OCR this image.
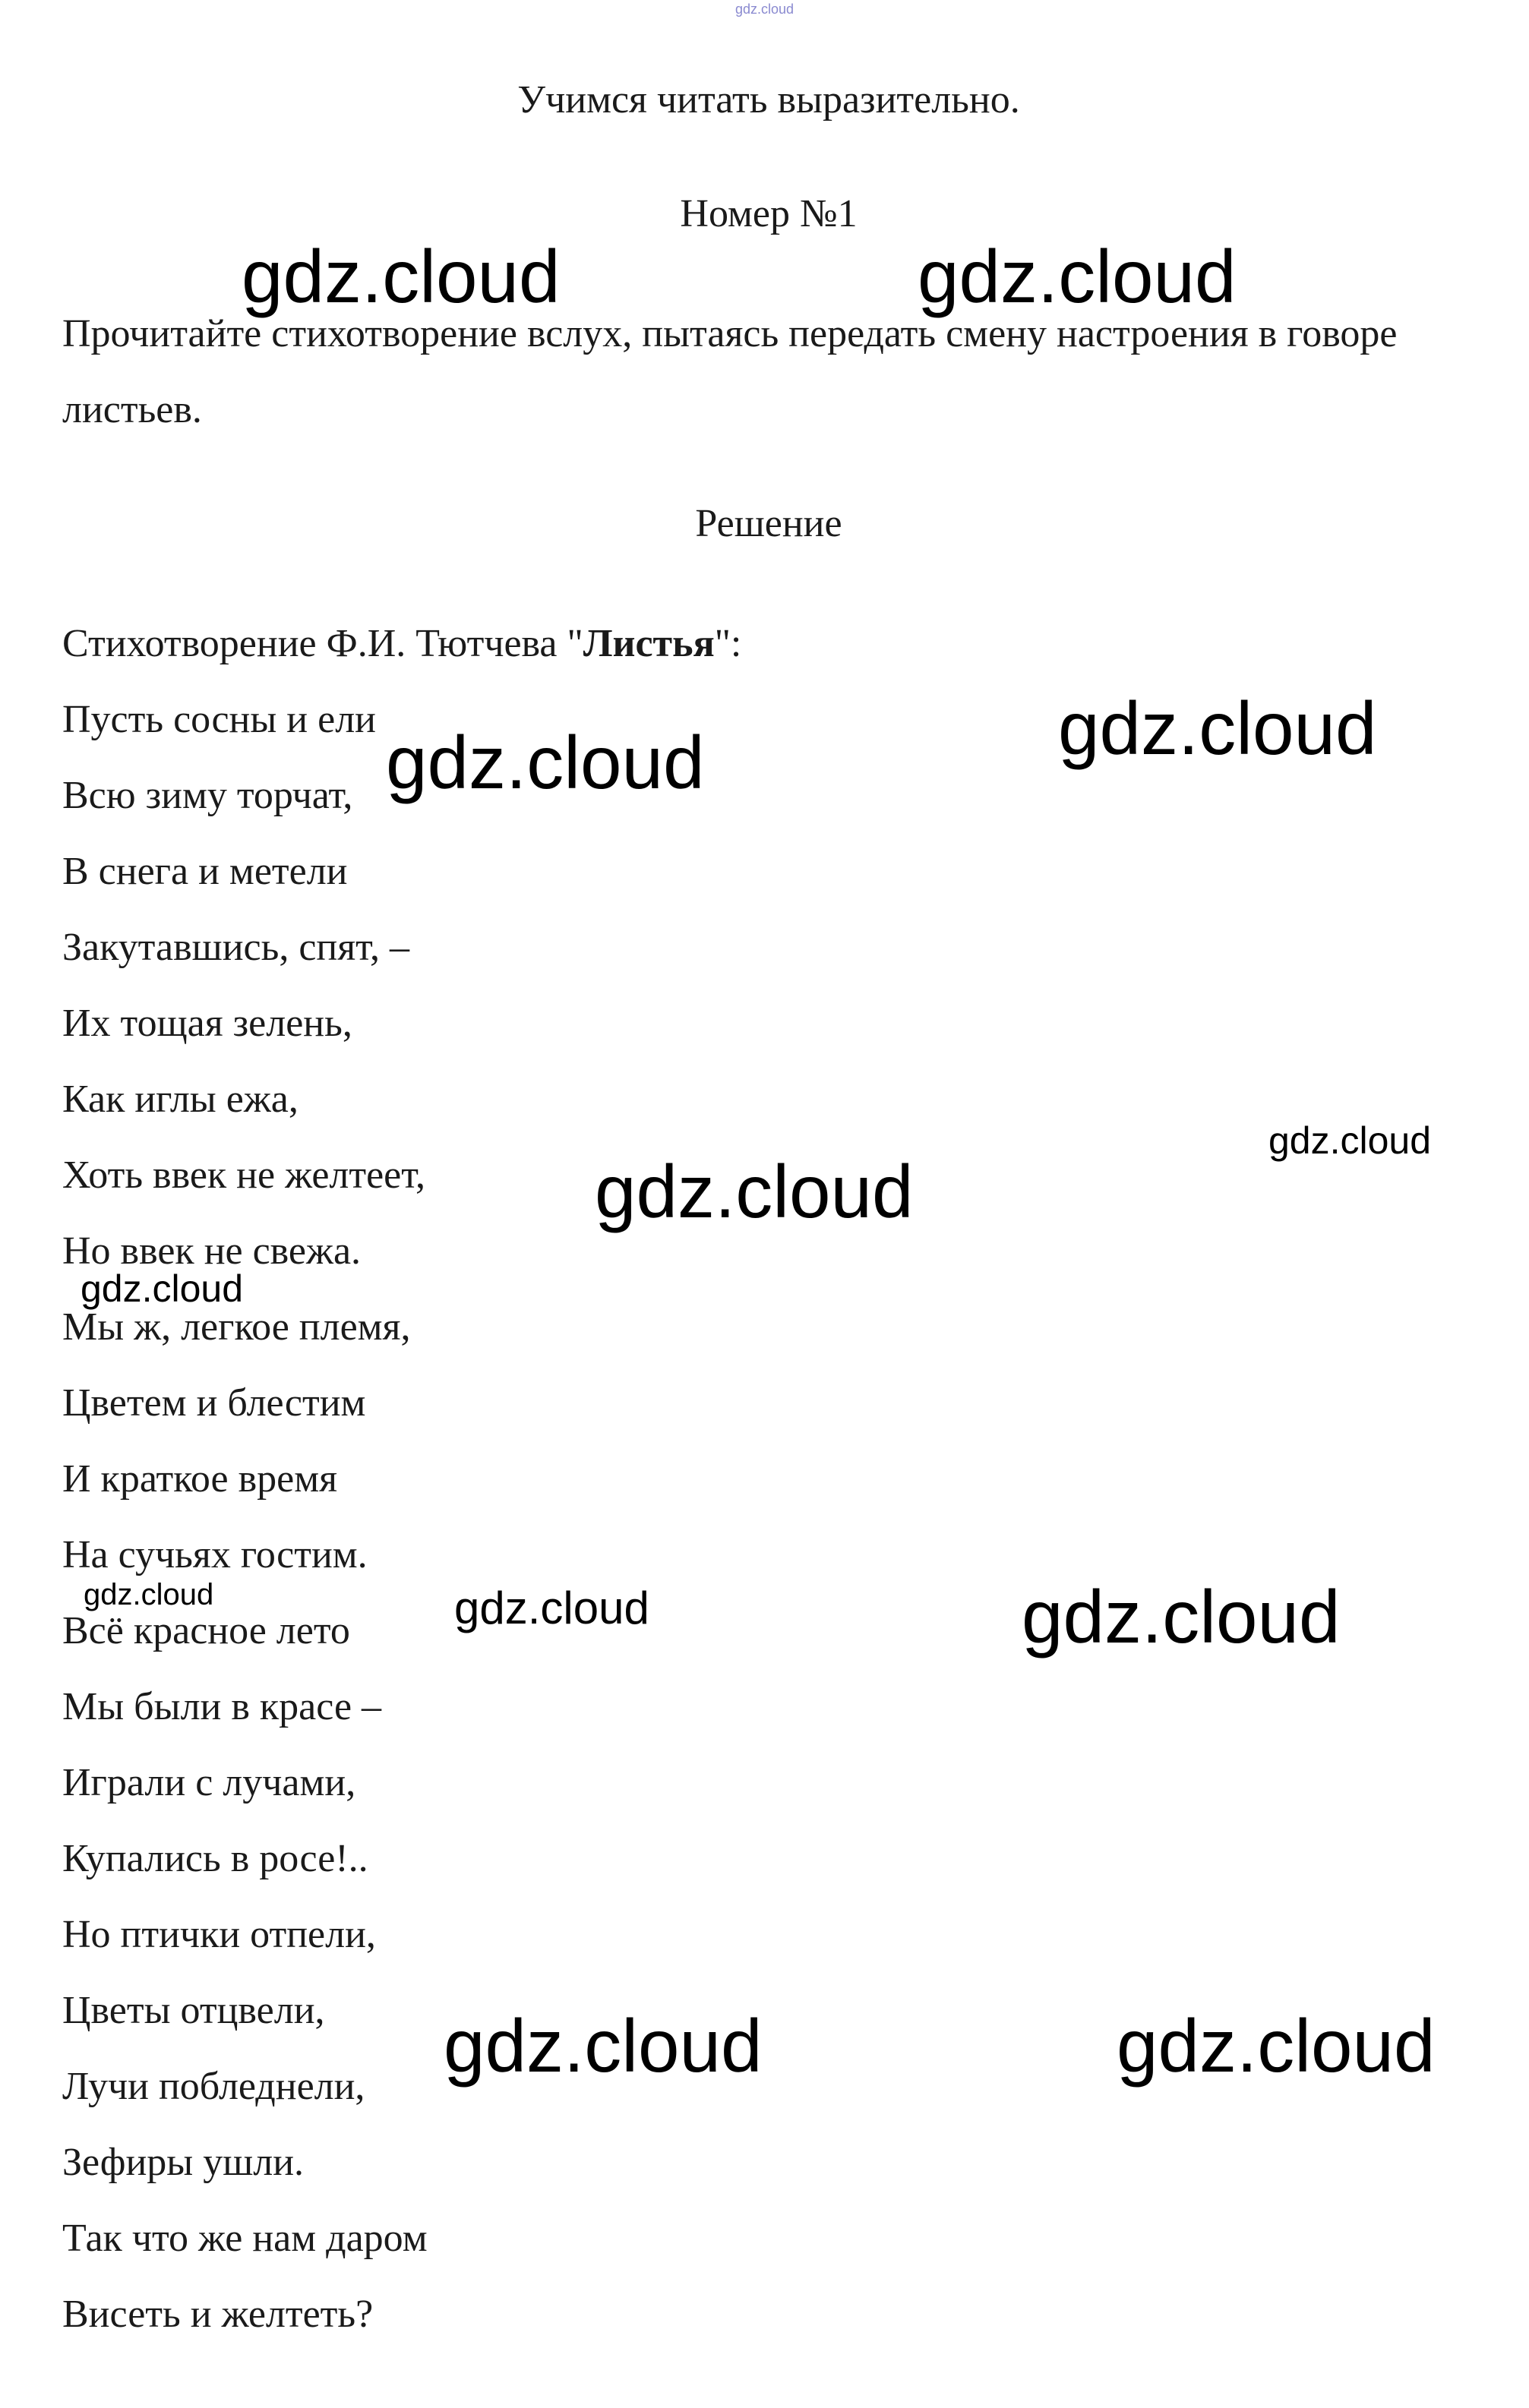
gdz.cloud
Учимся читать выразительно.
Номер №1

Прочитайте стихотворение вслух, пытаясь передать смену настроения в говоре листьев.

Решение
Стихотворение Ф.И. Тютчева "Листья":
Пусть сосны и ели
Всю зиму торчат,
В снега и метели
Закутавшись, спят, –
Их тощая зелень,
Как иглы ежа,
Хоть ввек не желтеет,
Но ввек не свежа.
Мы ж, легкое племя,
Цветем и блестим
И краткое время
На сучьях гостим.
Всё красное лето
Мы были в красе –
Играли с лучами,
Купались в росе!..
Но птички отпели,
Цветы отцвели,
Лучи побледнели,
Зефиры ушли.
Так что же нам даром
Висеть и желтеть?
gdz.cloud	gdz.cloud
gdz.cloud	gdz.cloud
gdz.cloud
gdz.cloud
gdz.cloud
gdz.cloud	gdz.cloud	gdz.cloud
gdz.cloud	gdz.cloud
